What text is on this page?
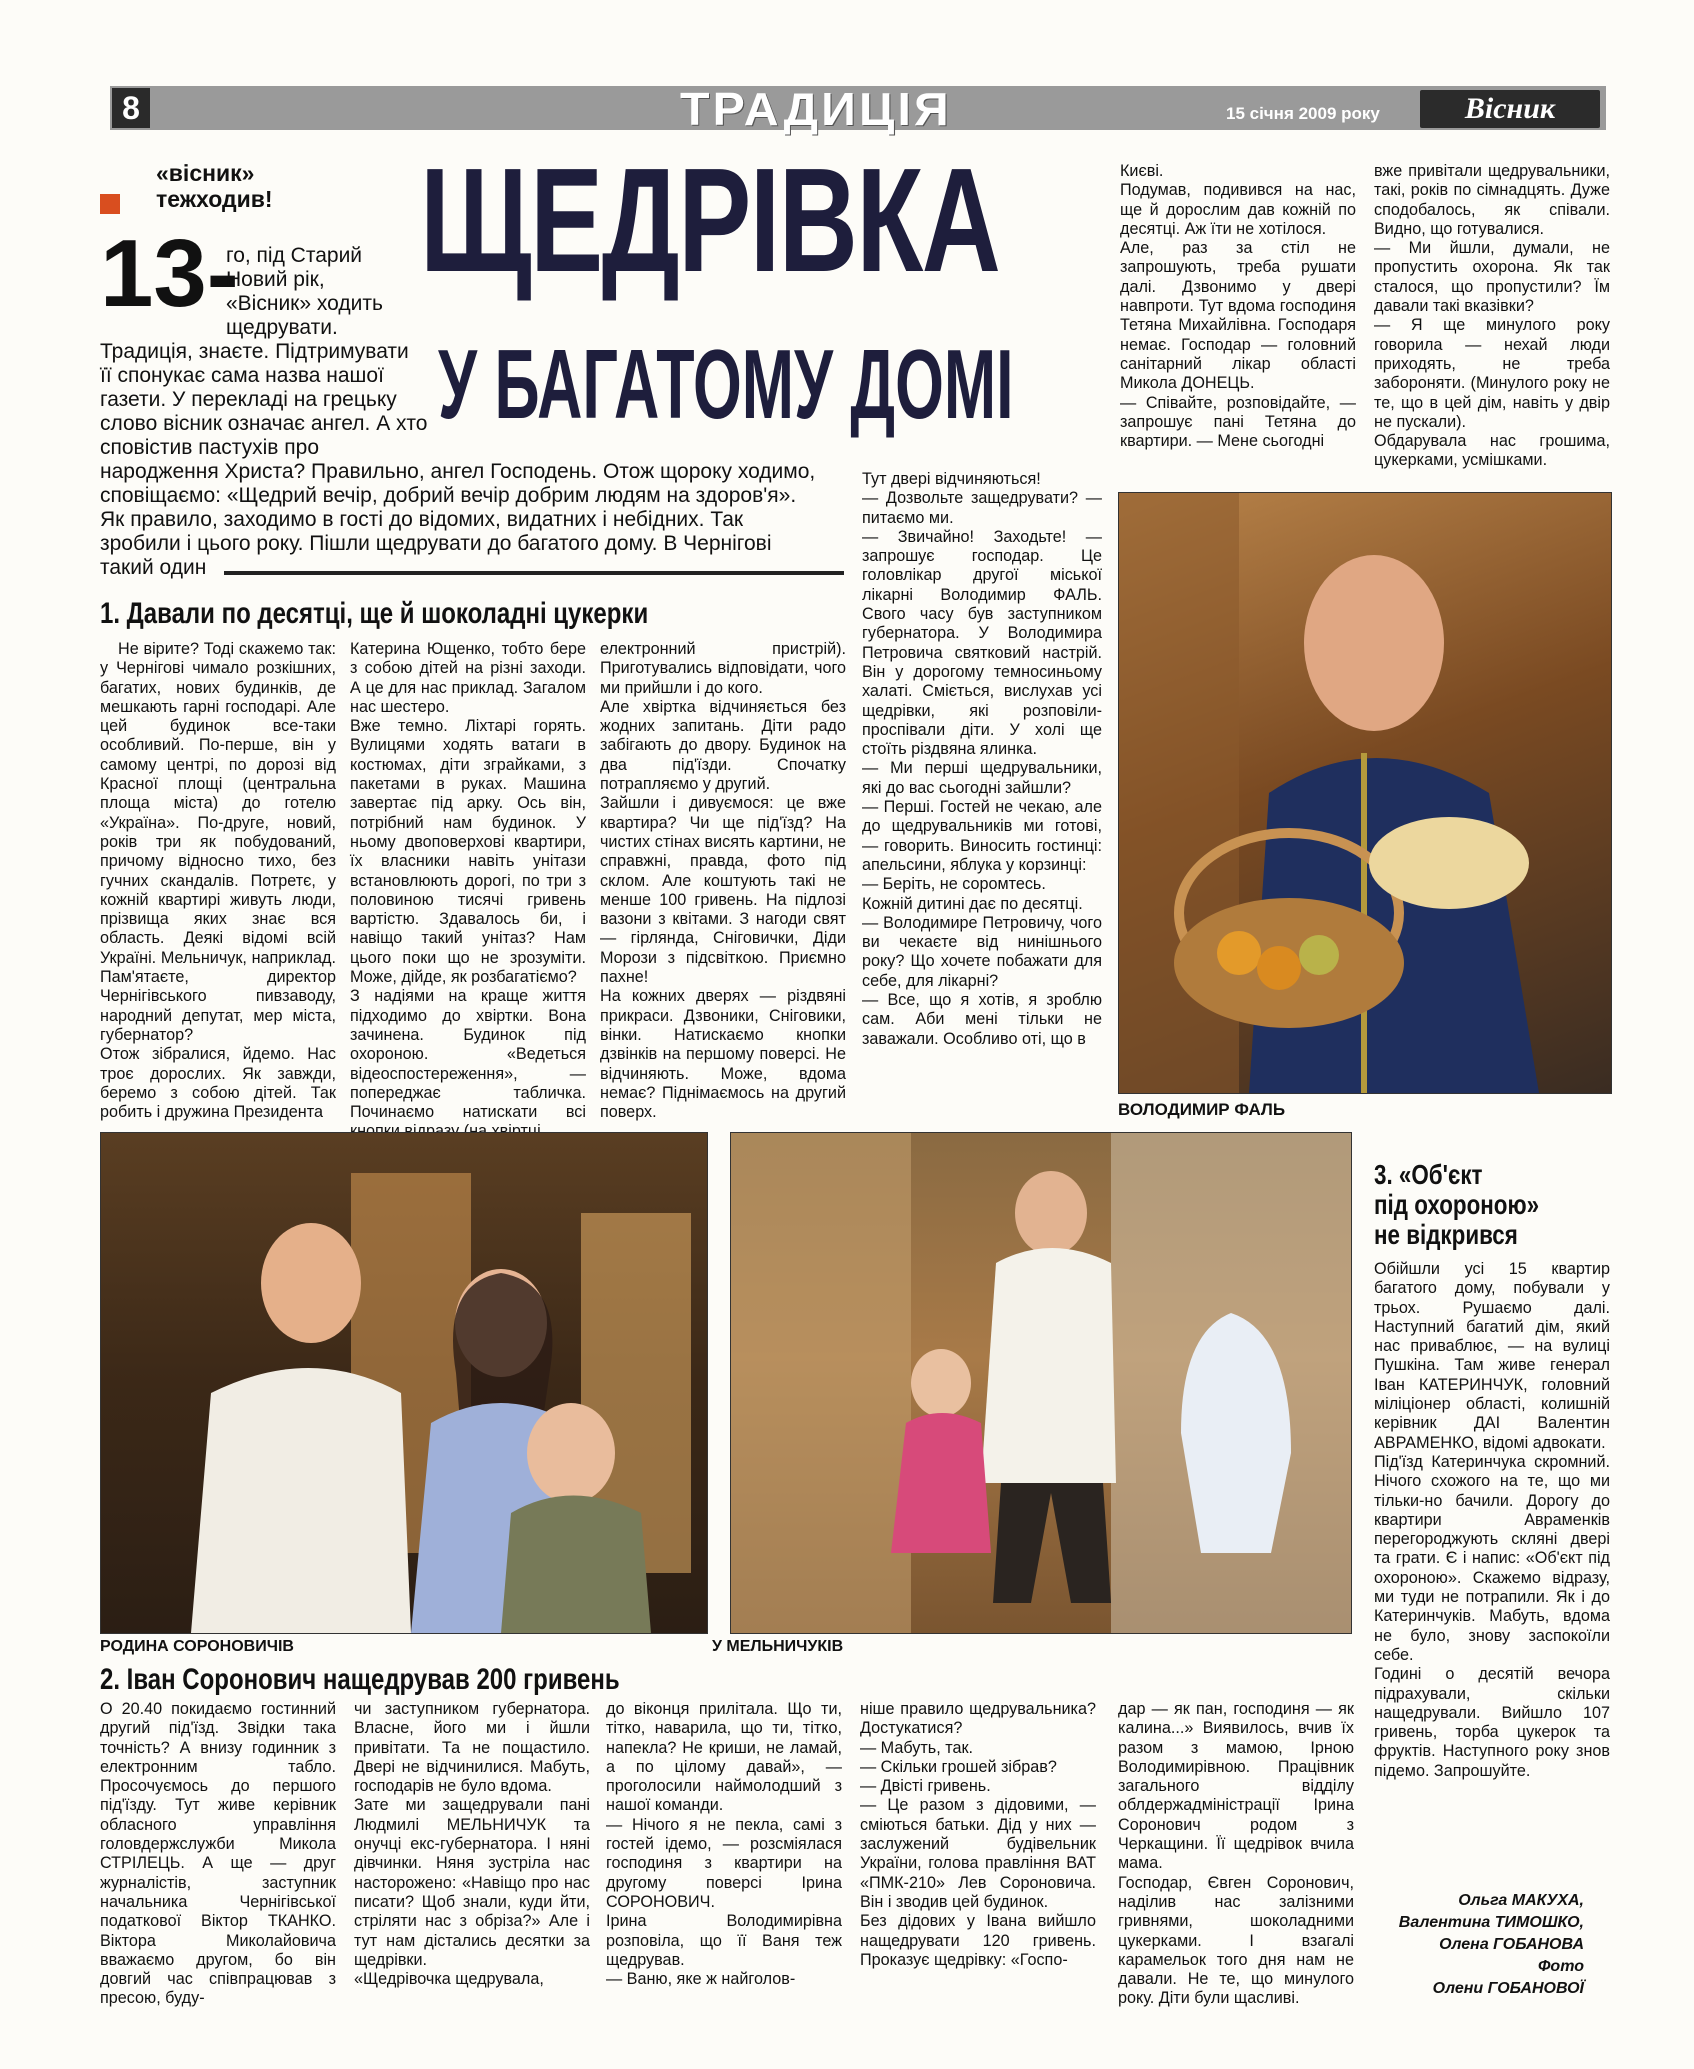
8	ТРАДИЦІЯ	15 січня 2009 року	Вісник
«вісник»
тежходив! ЩЕДРІВКА
У БАГАТОМУ ДОМІ
13-
го, під Старий
Новий рік,
«Вісник» ходить
щедрувати.
Традиція, знаєте. Підтримувати
її спонукає сама назва нашої
газети. У перекладі на грецьку
слово вісник означає ангел. А хто
сповістив пастухів про
народження Христа? Правильно, ангел Господень. Отож щороку ходимо,
сповіщаємо: «Щедрий вечір, добрий вечір добрим людям на здоров'я».
Як правило, заходимо в гості до відомих, видатних і небідних. Так
зробили і цього року. Пішли щедрувати до багатого дому. В Чернігові
такий один
1. Давали по десятці, ще й шоколадні цукерки
Не вірите? Тоді скажемо так: у Чернігові чимало розкішних, багатих, нових будинків, де мешкають гарні господарі. Але цей будинок все-таки особливий. По-перше, він у самому центрі, по дорозі від Красної площі (центральна площа міста) до готелю «Україна». По-друге, новий, років три як побудований, причому відносно тихо, без гучних скандалів. Потретє, у кожній квартирі живуть люди, прізвища яких знає вся область. Деякі відомі всій Україні. Мельничук, наприклад. Пам'ятаєте, директор Чернігівського пивзаводу, народний депутат, мер міста, губернатор?
Отож зібралися, йдемо. Нас троє дорослих. Як завжди, беремо з собою дітей. Так робить і дружина Президента
Катерина Ющенко, тобто бере з собою дітей на різні заходи. А це для нас приклад. Загалом нас шестеро.
Вже темно. Ліхтарі горять. Вулицями ходять ватаги в костюмах, діти зграйками, з пакетами в руках. Машина завертає під арку. Ось він, потрібний нам будинок. У ньому двоповерхові квартири, їх власники навіть унітази встановлюють дорогі, по три з половиною тисячі гривень вартістю. Здавалось би, і навіщо такий унітаз? Нам цього поки що не зрозуміти. Може, дійде, як розбагатіємо?
З надіями на краще життя підходимо до хвіртки. Вона зачинена. Будинок під охороною. «Ведеться відеоспостереження», — попереджає табличка. Починаємо натискати всі
електронний пристрій). Приготувались відповідати, чого ми прийшли і до кого.
Але хвіртка відчиняється без жодних запитань. Діти радо забігають до двору. Будинок на два під'їзди. Спочатку потрапляємо у другий.
Зайшли і дивуємося: це вже квартира? Чи ще під'їзд? На чистих стінах висять картини, не справжні, правда, фото під склом. Але коштують такі не менше 100 гривень. На підлозі вазони з квітами. З нагоди свят — гірлянда, Сніговички, Діди Морози з підсвіткою. Приємно пахне!
На кожних дверях — різдвяні прикраси. Дзвоники, Сніговики, вінки. Натискаємо кнопки дзвінків на першому поверсі. Не відчиняють. Може, вдома немає? Піднімаємось на другий поверх.
Тут двері відчиняються!
— Дозвольте защедрувати? — питаємо ми.
— Звичайно! Заходьте! — запрошує господар. Це головлікар другої міської лікарні Володимир ФАЛЬ. Свого часу був заступником губернатора. У Володимира Петровича святковий настрій. Він у дорогому темносиньому халаті. Сміється, вислухав усі щедрівки, які розповіли-проспівали діти. У холі ще стоїть різдвяна ялинка.
— Ми перші щедрувальники, які до вас сьогодні зайшли?
— Перші. Гостей не чекаю, але до щедрувальників ми готові, — говорить. Виносить гостинці: апельсини, яблука у корзинці:
— Беріть, не соромтесь.
Кожній дитині дає по десятці.
— Володимире Петровичу, чого ви чекаєте від нинішнього року? Що хочете побажати для себе, для лікарні?
— Все, що я хотів, я зроблю сам. Аби мені тільки не заважали. Особливо оті, що в
Києві.
Подумав, подивився на нас, ще й дорослим дав кожній по десятці. Аж їти не хотілося.
Але, раз за стіл не запрошують, треба рушати далі. Дзвонимо у двері навпроти. Тут вдома господиня Тетяна Михайлівна. Господаря немає. Господар — головний санітарний лікар області Микола ДОНЕЦЬ.
— Співайте, розповідайте, — запрошує пані Тетяна до квартири. — Мене сьогодні
вже привітали щедрувальники, такі, років по сімнадцять. Дуже сподобалось, як співали. Видно, що готувалися.
— Ми йшли, думали, не пропустить охорона. Як так сталося, що пропустили? Їм давали такі вказівки?
— Я ще минулого року говорила — нехай люди приходять, не треба забороняти. (Минулого року не те, що в цей дім, навіть у двір не пускали).
Обдарувала нас грошима, цукерками, усмішками.
ВОЛОДИМИР ФАЛЬ
РОДИНА СОРОНОВИЧІВ	У МЕЛЬНИЧУКІВ
3. «Об'єкт
під охороною»
не відкрився
Обійшли усі 15 квартир багатого дому, побували у трьох. Рушаємо далі. Наступний багатий дім, який нас приваблює, — на вулиці Пушкіна. Там живе генерал Іван КАТЕРИНЧУК, головний міліціонер області, колишній керівник ДАІ Валентин АВРАМЕНКО, відомі адвокати.
Під'їзд Катеринчука скромний. Нічого схожого на те, що ми тільки-но бачили. Дорогу до квартири Авраменків перегороджують скляні двері та грати. Є і напис: «Об'єкт під охороною». Скажемо відразу, ми туди не потрапили. Як і до Катеринчуків. Мабуть, вдома не було, знову заспокоїли себе.
Годині о десятій вечора підрахували, скільки нащедрували. Вийшло 107 гривень, торба цукерок та фруктів. Наступного року знов підемо. Запрошуйте.
2. Іван Соронович нащедрував 200 гривень
О 20.40 покидаємо гостинний другий під'їзд. Звідки така точність? А внизу годинник з електронним табло. Просочуємось до першого під'їзду. Тут живе керівник обласного управління головдержслужби Микола СТРІЛЕЦЬ. А ще — друг журналістів, заступник начальника Чернігівської податкової Віктор ТКАНКО. Віктора Миколайовича вважаємо другом, бо він довгий час співпрацював з пресою, буду-
чи заступником губернатора. Власне, його ми і йшли привітати. Та не пощастило. Двері не відчинилися. Мабуть, господарів не було вдома.
Зате ми защедрували пані Людмилі МЕЛЬНИЧУК та онучці екс-губернатора. І няні дівчинки. Няня зустріла нас насторожено: «Навіщо про нас писати? Щоб знали, куди йти, стріляти нас з обріза?» Але і тут нам дістались десятки за щедрівки.
«Щедрівочка щедрувала,
до віконця прилітала. Що ти, тітко, наварила, що ти, тітко, напекла? Не криши, не ламай, а по цілому давай», — проголосили наймолодший з нашої команди.
— Нічого я не пекла, самі з гостей ідемо, — розсміялася господиня з квартири на другому поверсі Ірина СОРОНОВИЧ.
Ірина Володимирівна розповіла, що її Ваня теж щедрував.
— Ваню, яке ж найголов-
ніше правило щедрувальника? Достукатися?
— Мабуть, так.
— Скільки грошей зібрав?
— Двісті гривень.
— Це разом з дідовими, — сміються батьки. Дід у них — заслужений будівельник України, голова правління ВАТ «ПМК-210» Лев Сороновича. Він і зводив цей будинок.
Без дідових у Івана вийшло нащедрувати 120 гривень. Проказує щедрівку: «Госпо-
дар — як пан, господиня — як калина...» Виявилось, вчив їх разом з мамою, Ірною Володимирівною. Працівник загального відділу облдержадміністрації Ірина Соронович родом з Черкащини. Її щедрівок вчила мама.
Господар, Євген Соронович, наділив нас залізними гривнями, шоколадними цукерками. І взагалі карамельок того дня нам не давали. Не те, що минулого року. Діти були щасливі.
Ольга МАКУХА,
Валентина ТИМОШКО,
Олена ГОБАНОВА
Фото
Олени ГОБАНОВОЇ
